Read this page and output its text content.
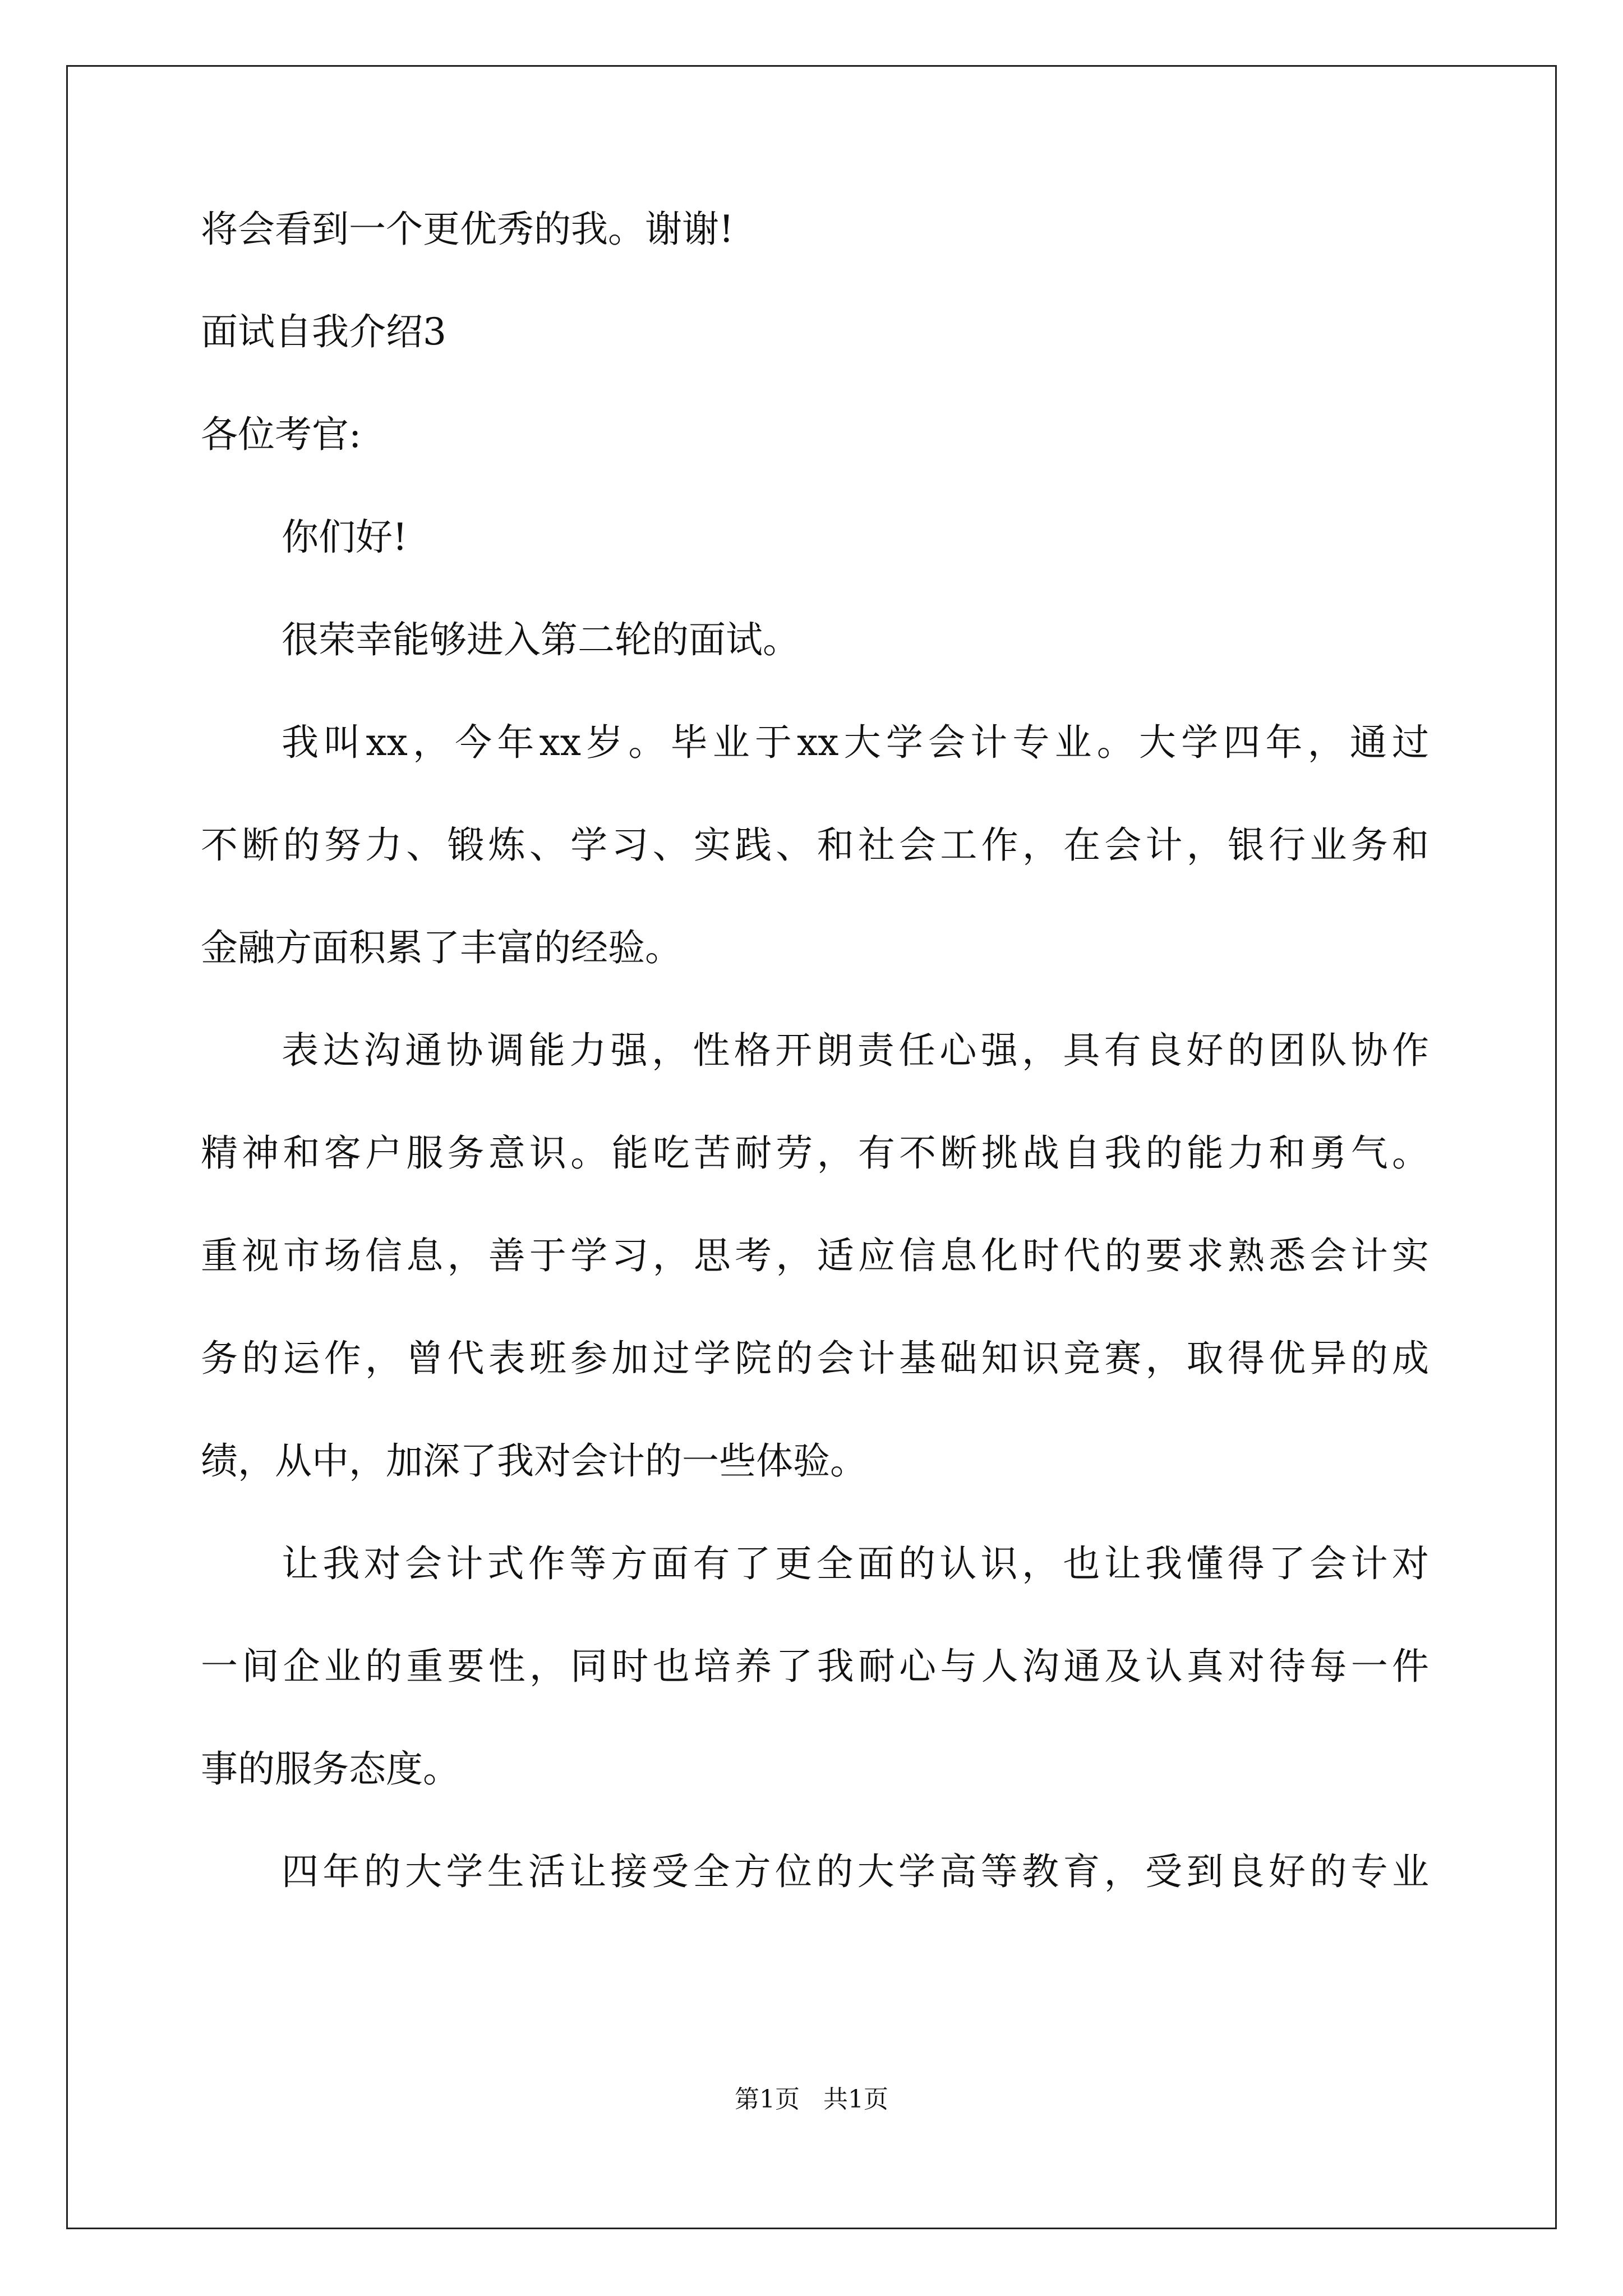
将会看到一个更优秀的我。谢谢!
面试自我介绍3
各位考官:
你们好!
很荣幸能够进入第二轮的面试。
我叫xx，今年xx岁。毕业于xx大学会计专业。大学四年，通过
不断的努力、锻炼、学习、实践、和社会工作，在会计，银行业务和
金融方面积累了丰富的经验。
表达沟通协调能力强，性格开朗责任心强，具有良好的团队协作
精神和客户服务意识。能吃苦耐劳，有不断挑战自我的能力和勇气。
重视市场信息，善于学习，思考，适应信息化时代的要求熟悉会计实
务的运作，曾代表班参加过学院的会计基础知识竞赛，取得优异的成
绩，从中，加深了我对会计的一些体验。
让我对会计式作等方面有了更全面的认识，也让我懂得了会计对
一间企业的重要性，同时也培养了我耐心与人沟通及认真对待每一件
事的服务态度。
四年的大学生活让接受全方位的大学高等教育，受到良好的专业
第1页   共1页
